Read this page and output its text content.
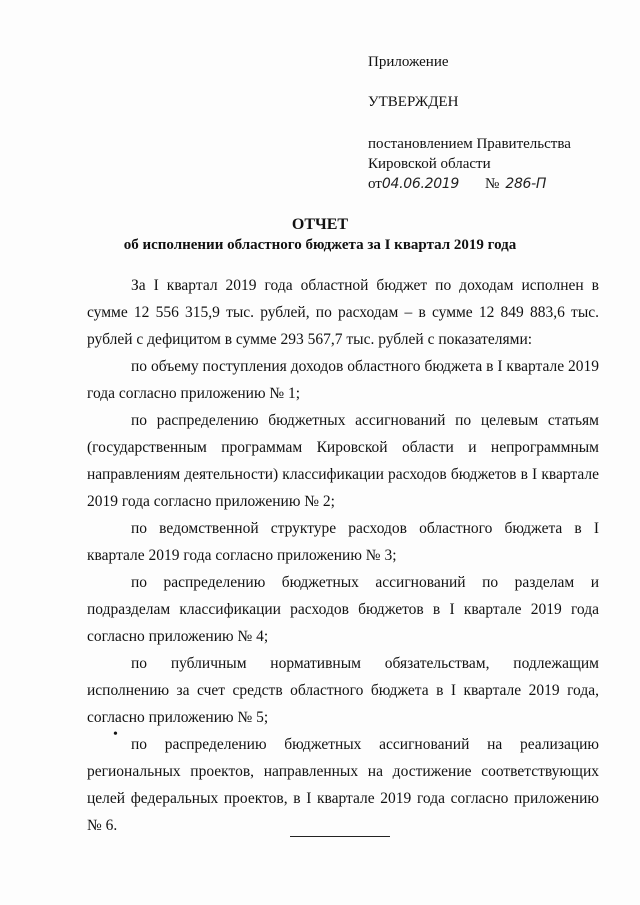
Приложение
УТВЕРЖДЕН
постановлением Правительства
Кировской области
от 04.06.2019 № 286-П
ОТЧЕТ
об исполнении областного бюджета за I квартал 2019 года

За I квартал 2019 года областной бюджет по доходам исполнен в сумме 12 556 315,9 тыс. рублей, по расходам – в сумме 12 849 883,6 тыс. рублей с дефицитом в сумме 293 567,7 тыс. рублей с показателями:

по объему поступления доходов областного бюджета в I квартале 2019 года согласно приложению № 1;

по распределению бюджетных ассигнований по целевым статьям (государственным программам Кировской области и непрограммным направлениям деятельности) классификации расходов бюджетов в I квартале 2019 года согласно приложению № 2;

по ведомственной структуре расходов областного бюджета в I квартале 2019 года согласно приложению № 3;

по распределению бюджетных ассигнований по разделам и подразделам классификации расходов бюджетов в I квартале 2019 года согласно приложению № 4;

по публичным нормативным обязательствам, подлежащим исполнению за счет средств областного бюджета в I квартале 2019 года, согласно приложению № 5;

по распределению бюджетных ассигнований на реализацию региональных проектов, направленных на достижение соответствующих целей федеральных проектов, в I квартале 2019 года согласно приложению № 6.

•
